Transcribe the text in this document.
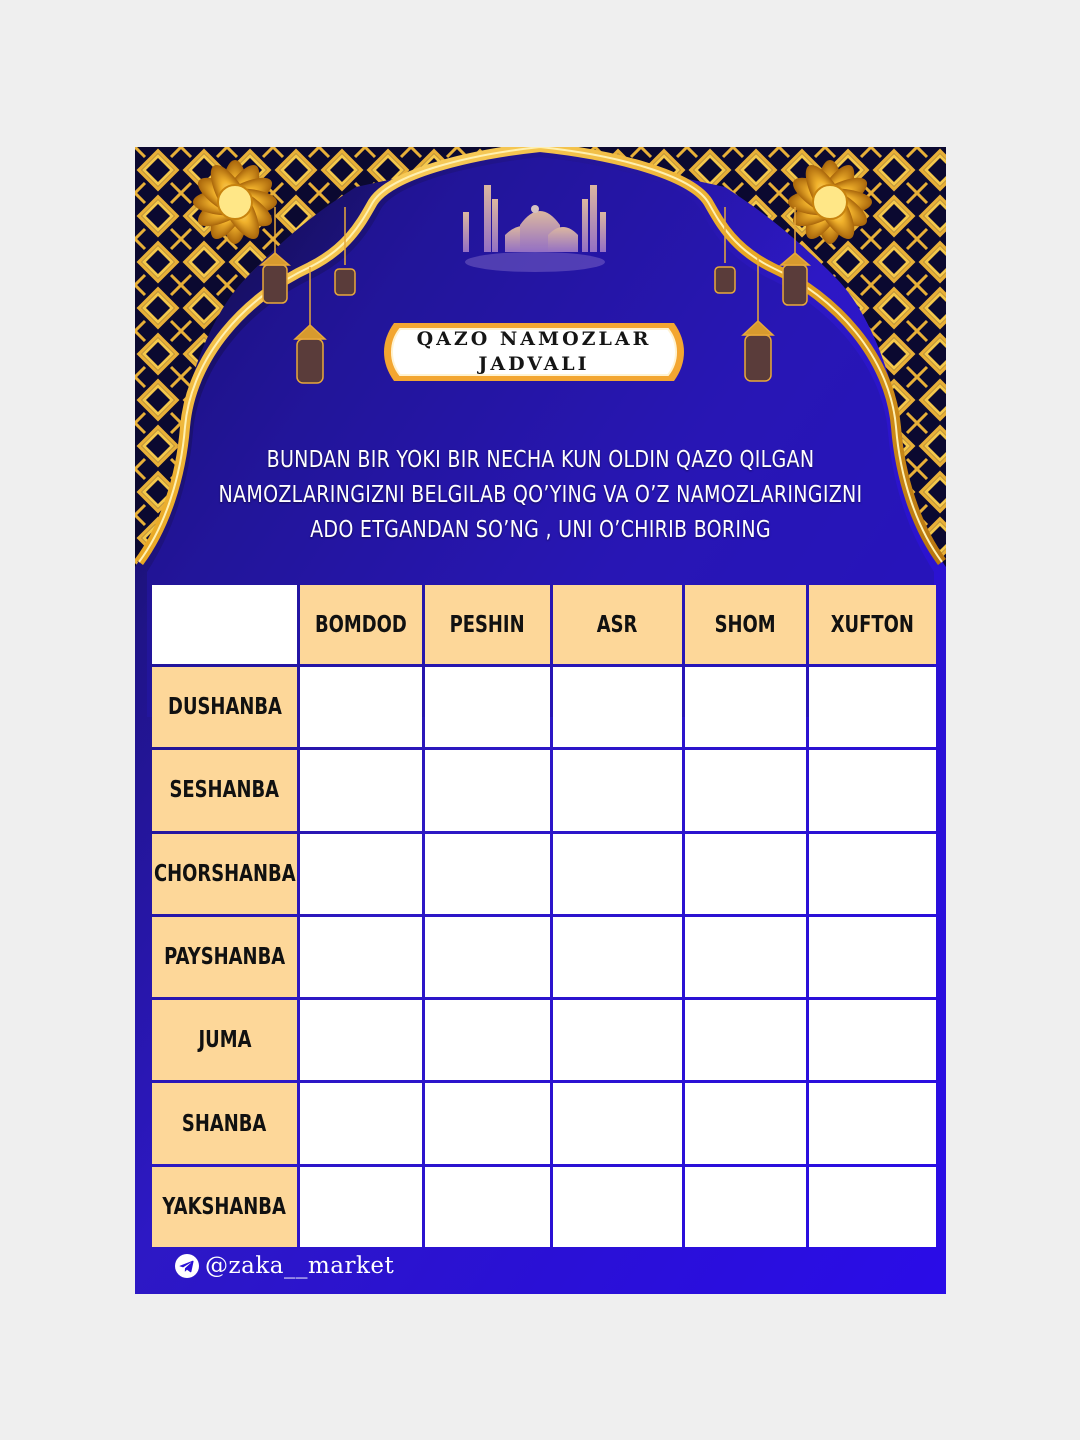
QAZO NAMOZLAR
JADVALI
BUNDAN BIR YOKI BIR NECHA KUN OLDIN QAZO QILGAN
NAMOZLARINGIZNI BELGILAB QO’YING VA O’Z NAMOZLARINGIZNI
ADO ETGANDAN SO’NG , UNI O’CHIRIB BORING
BOMDOD PESHIN	ASR	SHOM XUFTON
DUSHANBA
SESHANBA
CHORSHANBA
PAYSHANBA
JUMA
SHANBA
YAKSHANBA
@zaka__market
